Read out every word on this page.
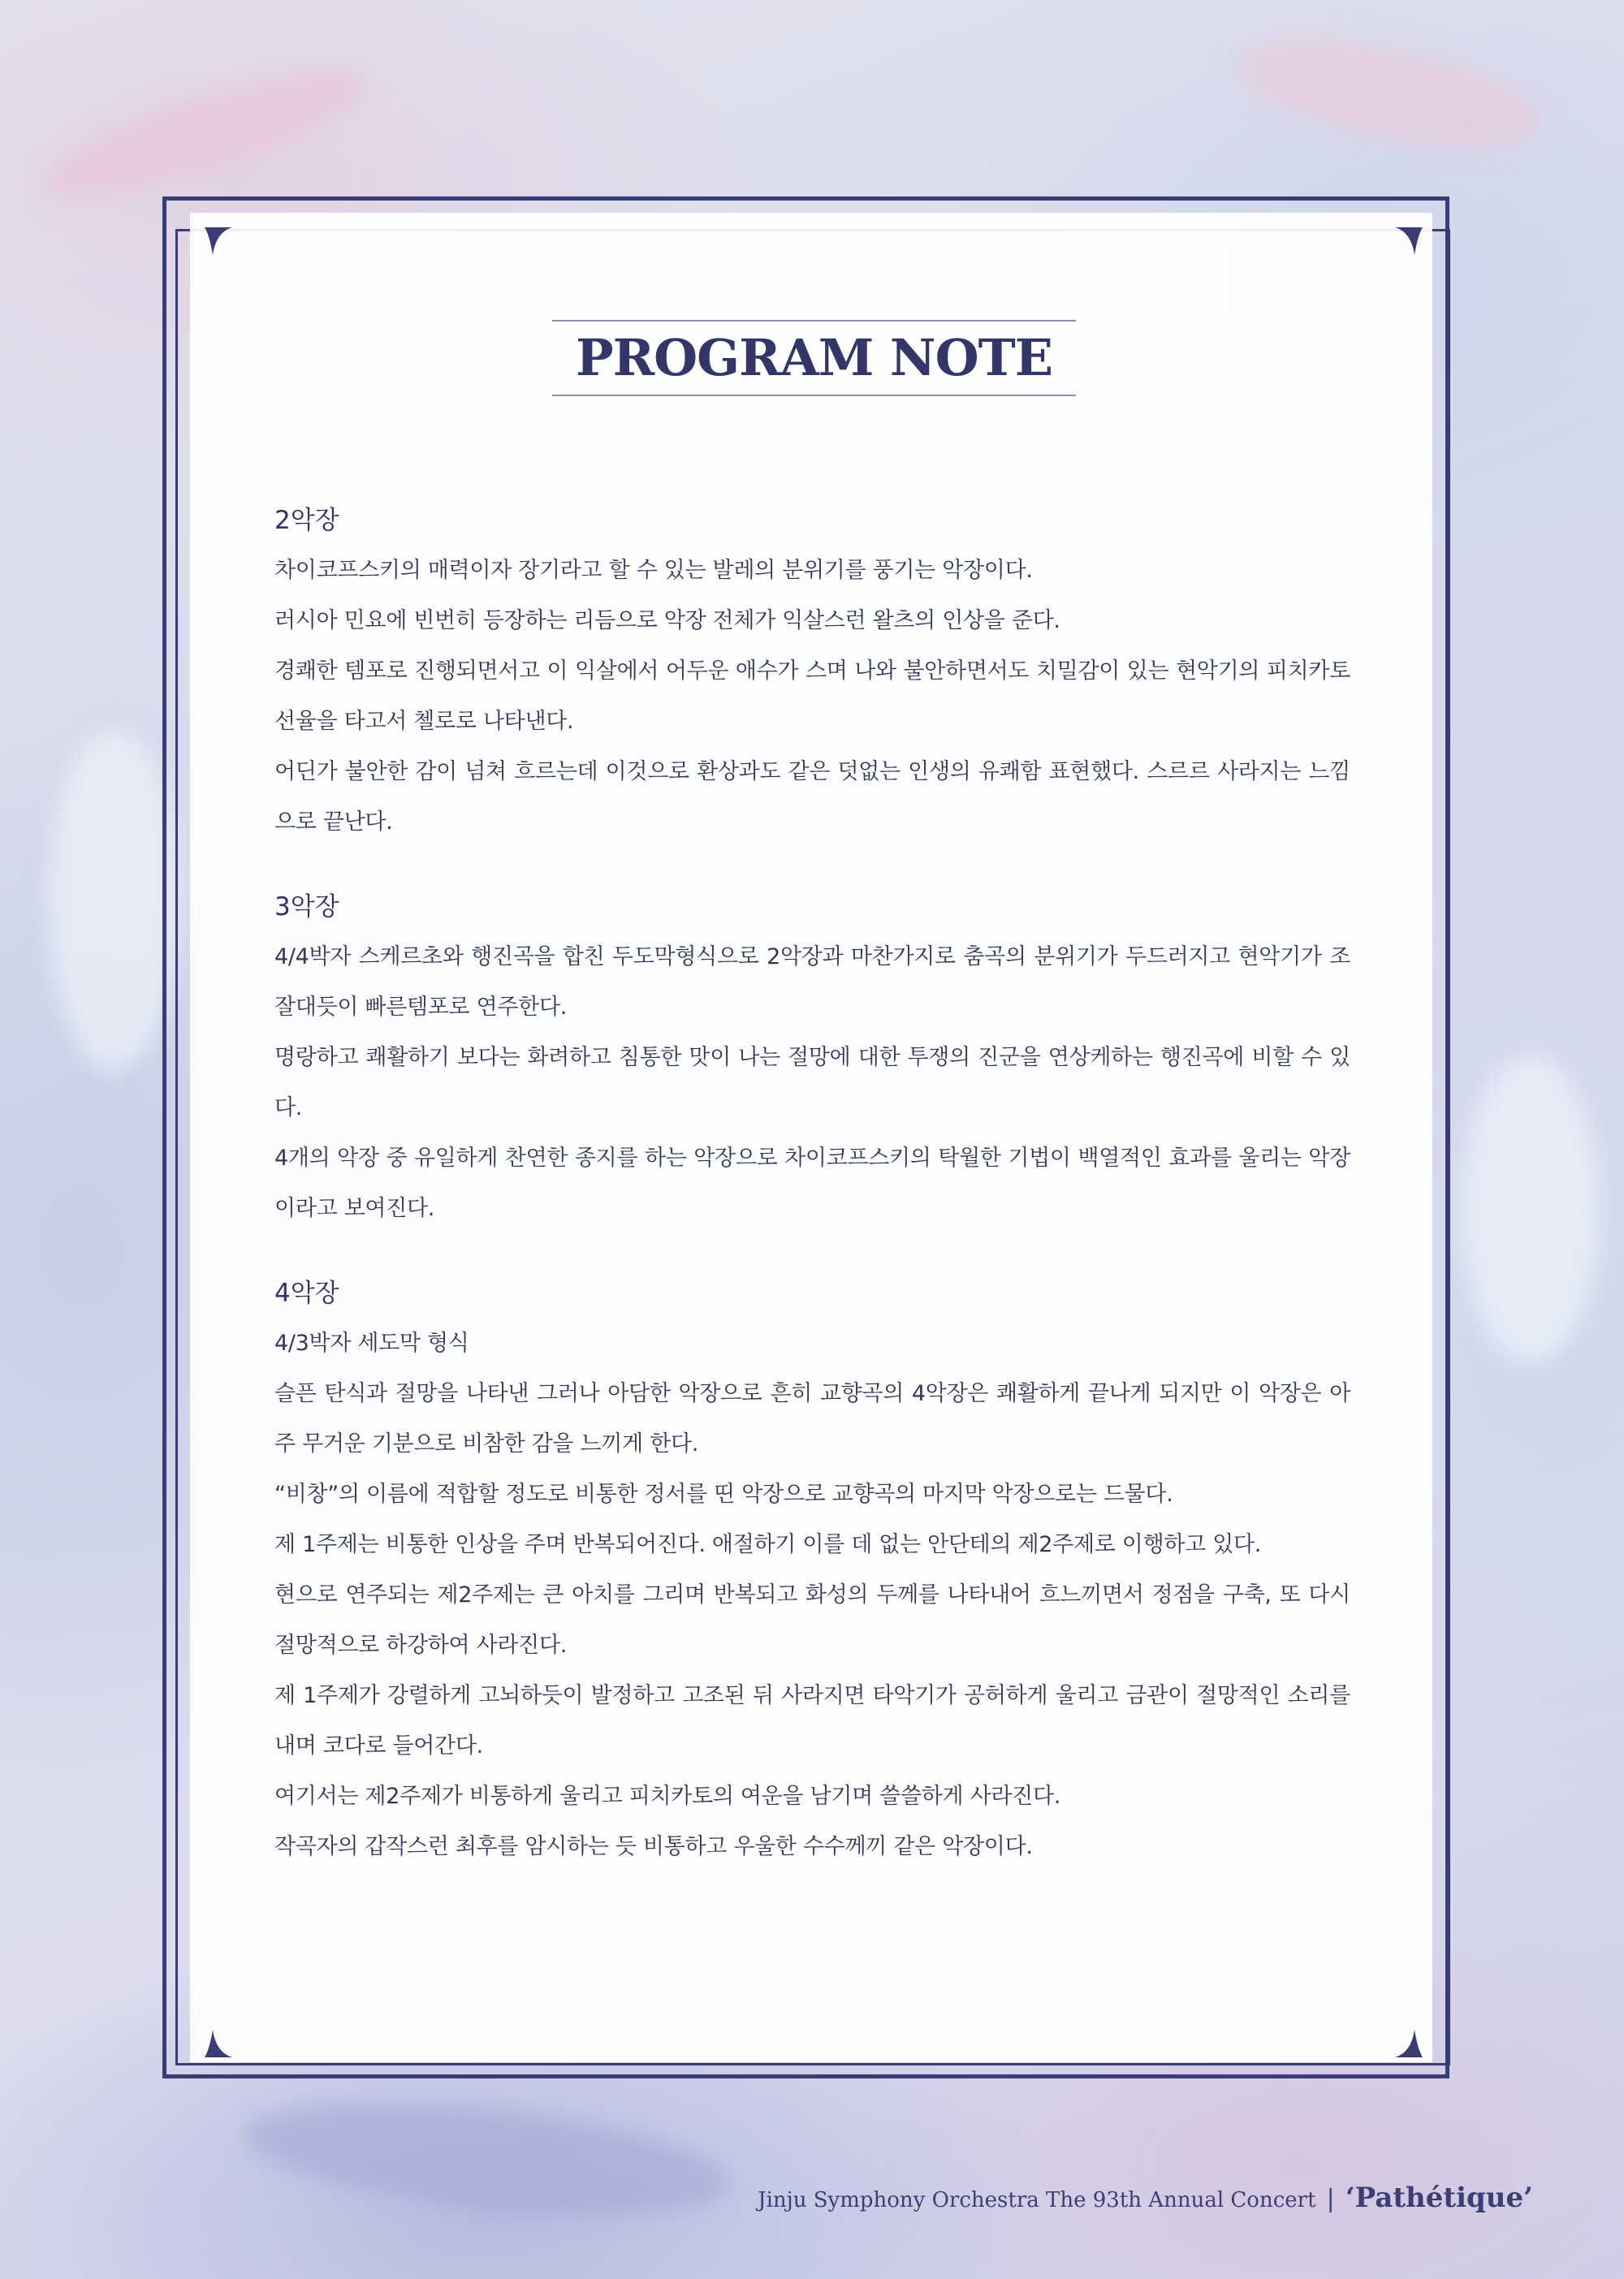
PROGRAM NOTE
2악장
차이코프스키의 매력이자 장기라고 할 수 있는 발레의 분위기를 풍기는 악장이다.
러시아 민요에 빈번히 등장하는 리듬으로 악장 전체가 익살스런 왈츠의 인상을 준다.
경쾌한 템포로 진행되면서고 이 익살에서 어두운 애수가 스며 나와 불안하면서도 치밀감이 있는 현악기의 피치카토 선율을 타고서 첼로로 나타낸다.
어딘가 불안한 감이 넘쳐 흐르는데 이것으로 환상과도 같은 덧없는 인생의 유쾌함 표현했다. 스르르 사라지는 느낌으로 끝난다.
3악장
4/4박자 스케르초와 행진곡을 합친 두도막형식으로 2악장과 마찬가지로 춤곡의 분위기가 두드러지고 현악기가 조잘대듯이 빠른템포로 연주한다.
명랑하고 쾌활하기 보다는 화려하고 침통한 맛이 나는 절망에 대한 투쟁의 진군을 연상케하는 행진곡에 비할 수 있다.
4개의 악장 중 유일하게 찬연한 종지를 하는 악장으로 차이코프스키의 탁월한 기법이 백열적인 효과를 울리는 악장이라고 보여진다.
4악장
4/3박자 세도막 형식
슬픈 탄식과 절망을 나타낸 그러나 아담한 악장으로 흔히 교향곡의 4악장은 쾌활하게 끝나게 되지만 이 악장은 아주 무거운 기분으로 비참한 감을 느끼게 한다.
“비창”의 이름에 적합할 정도로 비통한 정서를 띤 악장으로 교향곡의 마지막 악장으로는 드물다.
제 1주제는 비통한 인상을 주며 반복되어진다. 애절하기 이를 데 없는 안단테의 제2주제로 이행하고 있다.
현으로 연주되는 제2주제는 큰 아치를 그리며 반복되고 화성의 두께를 나타내어 흐느끼면서 정점을 구축, 또 다시 절망적으로 하강하여 사라진다.
제 1주제가 강렬하게 고뇌하듯이 발정하고 고조된 뒤 사라지면 타악기가 공허하게 울리고 금관이 절망적인 소리를 내며 코다로 들어간다.
여기서는 제2주제가 비통하게 울리고 피치카토의 여운을 남기며 쓸쓸하게 사라진다.
작곡자의 갑작스런 최후를 암시하는 듯 비통하고 우울한 수수께끼 같은 악장이다.
Jinju Symphony Orchestra The 93th Annual Concert | ‘Pathétique’
